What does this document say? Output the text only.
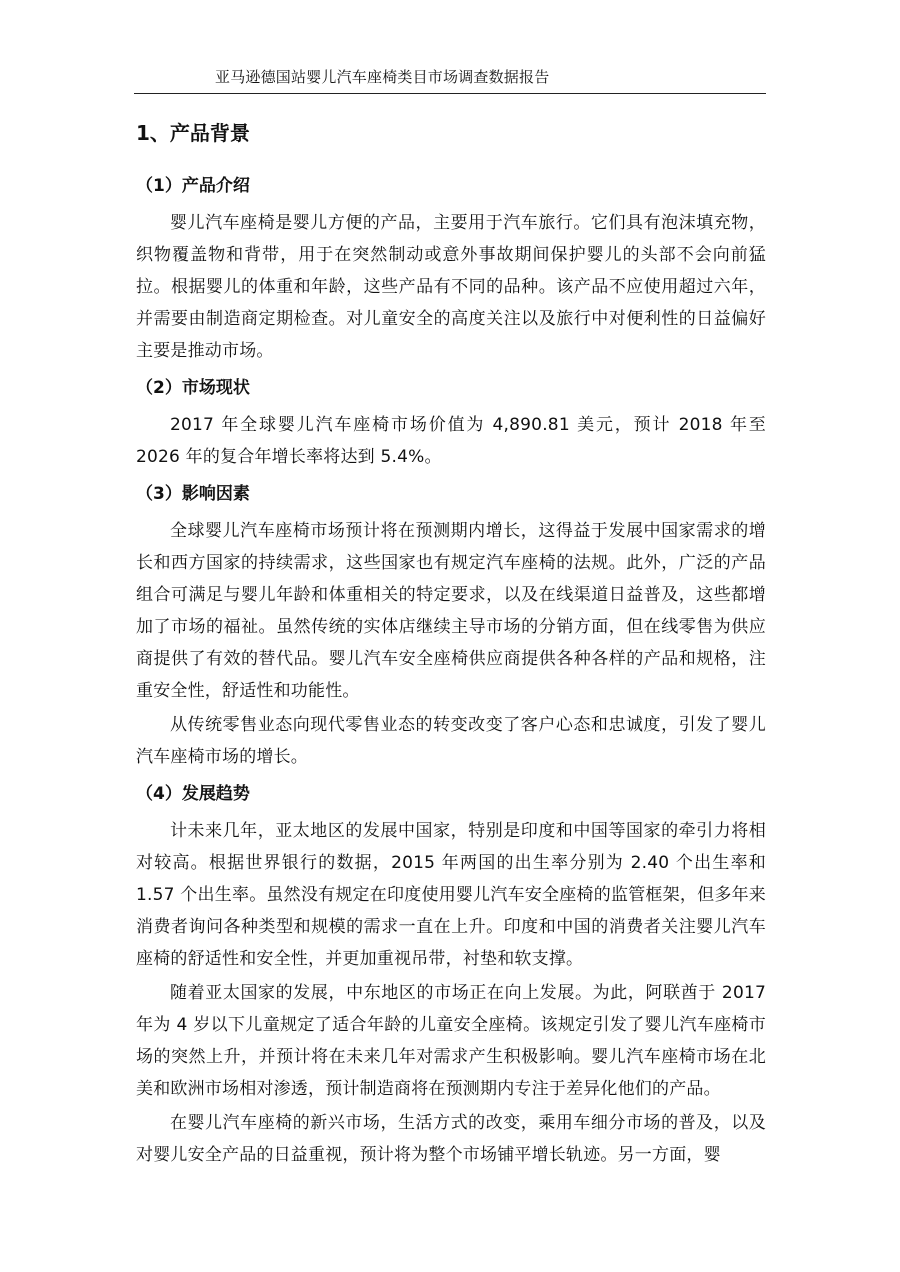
亚马逊德国站婴儿汽车座椅类目市场调查数据报告
1、产品背景
（1）产品介绍

婴儿汽车座椅是婴儿方便的产品，主要用于汽车旅行。它们具有泡沫填充物，织物覆盖物和背带，用于在突然制动或意外事故期间保护婴儿的头部不会向前猛拉。根据婴儿的体重和年龄，这些产品有不同的品种。该产品不应使用超过六年，并需要由制造商定期检查。对儿童安全的高度关注以及旅行中对便利性的日益偏好主要是推动市场。

（2）市场现状

2017 年全球婴儿汽车座椅市场价值为 4,890.81 美元，预计 2018 年至 2026 年的复合年增长率将达到 5.4%。

（3）影响因素

全球婴儿汽车座椅市场预计将在预测期内增长，这得益于发展中国家需求的增长和西方国家的持续需求，这些国家也有规定汽车座椅的法规。此外，广泛的产品组合可满足与婴儿年龄和体重相关的特定要求，以及在线渠道日益普及，这些都增加了市场的福祉。虽然传统的实体店继续主导市场的分销方面，但在线零售为供应商提供了有效的替代品。婴儿汽车安全座椅供应商提供各种各样的产品和规格，注重安全性，舒适性和功能性。

从传统零售业态向现代零售业态的转变改变了客户心态和忠诚度，引发了婴儿汽车座椅市场的增长。

（4）发展趋势

计未来几年，亚太地区的发展中国家，特别是印度和中国等国家的牵引力将相对较高。根据世界银行的数据，2015 年两国的出生率分别为 2.40 个出生率和 1.57 个出生率。虽然没有规定在印度使用婴儿汽车安全座椅的监管框架，但多年来消费者询问各种类型和规模的需求一直在上升。印度和中国的消费者关注婴儿汽车座椅的舒适性和安全性，并更加重视吊带，衬垫和软支撑。

随着亚太国家的发展，中东地区的市场正在向上发展。为此，阿联酋于 2017 年为 4 岁以下儿童规定了适合年龄的儿童安全座椅。该规定引发了婴儿汽车座椅市场的突然上升，并预计将在未来几年对需求产生积极影响。婴儿汽车座椅市场在北美和欧洲市场相对渗透，预计制造商将在预测期内专注于差异化他们的产品。

在婴儿汽车座椅的新兴市场，生活方式的改变，乘用车细分市场的普及，以及对婴儿安全产品的日益重视，预计将为整个市场铺平增长轨迹。另一方面，婴
